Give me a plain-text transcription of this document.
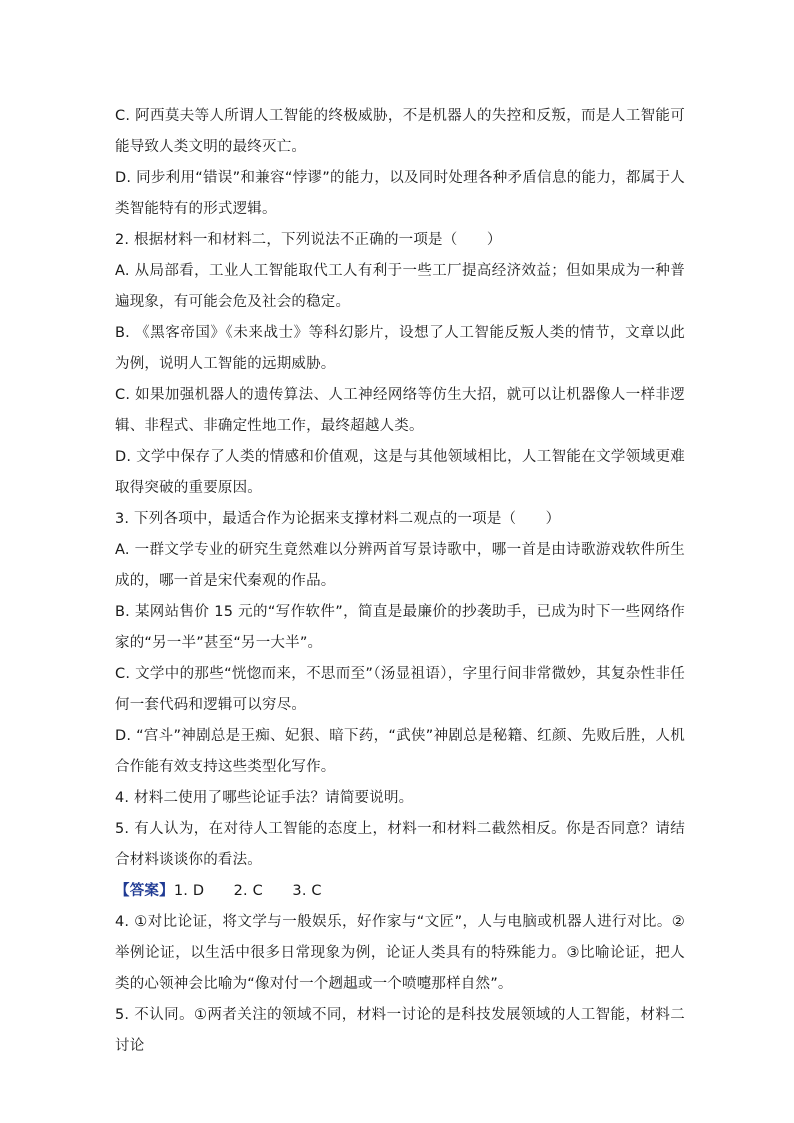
C. 阿西莫夫等人所谓人工智能的终极威胁，不是机器人的失控和反叛，而是人工智能可能导致人类文明的最终灭亡。

D. 同步利用“错误”和兼容“悖谬”的能力，以及同时处理各种矛盾信息的能力，都属于人类智能特有的形式逻辑。

2. 根据材料一和材料二，下列说法不正确的一项是（　　）

A. 从局部看，工业人工智能取代工人有利于一些工厂提高经济效益；但如果成为一种普遍现象，有可能会危及社会的稳定。

B. 《黑客帝国》《未来战士》等科幻影片，设想了人工智能反叛人类的情节，文章以此为例，说明人工智能的远期威胁。

C. 如果加强机器人的遗传算法、人工神经网络等仿生大招，就可以让机器像人一样非逻辑、非程式、非确定性地工作，最终超越人类。

D. 文学中保存了人类的情感和价值观，这是与其他领域相比，人工智能在文学领域更难取得突破的重要原因。

3. 下列各项中，最适合作为论据来支撑材料二观点的一项是（　　）

A. 一群文学专业的研究生竟然难以分辨两首写景诗歌中，哪一首是由诗歌游戏软件所生成的，哪一首是宋代秦观的作品。

B. 某网站售价 15 元的“写作软件”，简直是最廉价的抄袭助手，已成为时下一些网络作家的“另一半”甚至“另一大半”。

C. 文学中的那些“恍惚而来，不思而至”（汤显祖语），字里行间非常微妙，其复杂性非任何一套代码和逻辑可以穷尽。

D. “宫斗”神剧总是王痴、妃狠、暗下药，“武侠”神剧总是秘籍、红颜、先败后胜，人机合作能有效支持这些类型化写作。

4. 材料二使用了哪些论证手法？请简要说明。

5. 有人认为，在对待人工智能的态度上，材料一和材料二截然相反。你是否同意？请结合材料谈谈你的看法。

【答案】1. D　　2. C　　3. C

4. ①对比论证，将文学与一般娱乐，好作家与“文匠”，人与电脑或机器人进行对比。②举例论证，以生活中很多日常现象为例，论证人类具有的特殊能力。③比喻论证，把人类的心领神会比喻为“像对付一个趔趄或一个喷嚏那样自然”。

5. 不认同。①两者关注的领域不同，材料一讨论的是科技发展领域的人工智能，材料二讨论
